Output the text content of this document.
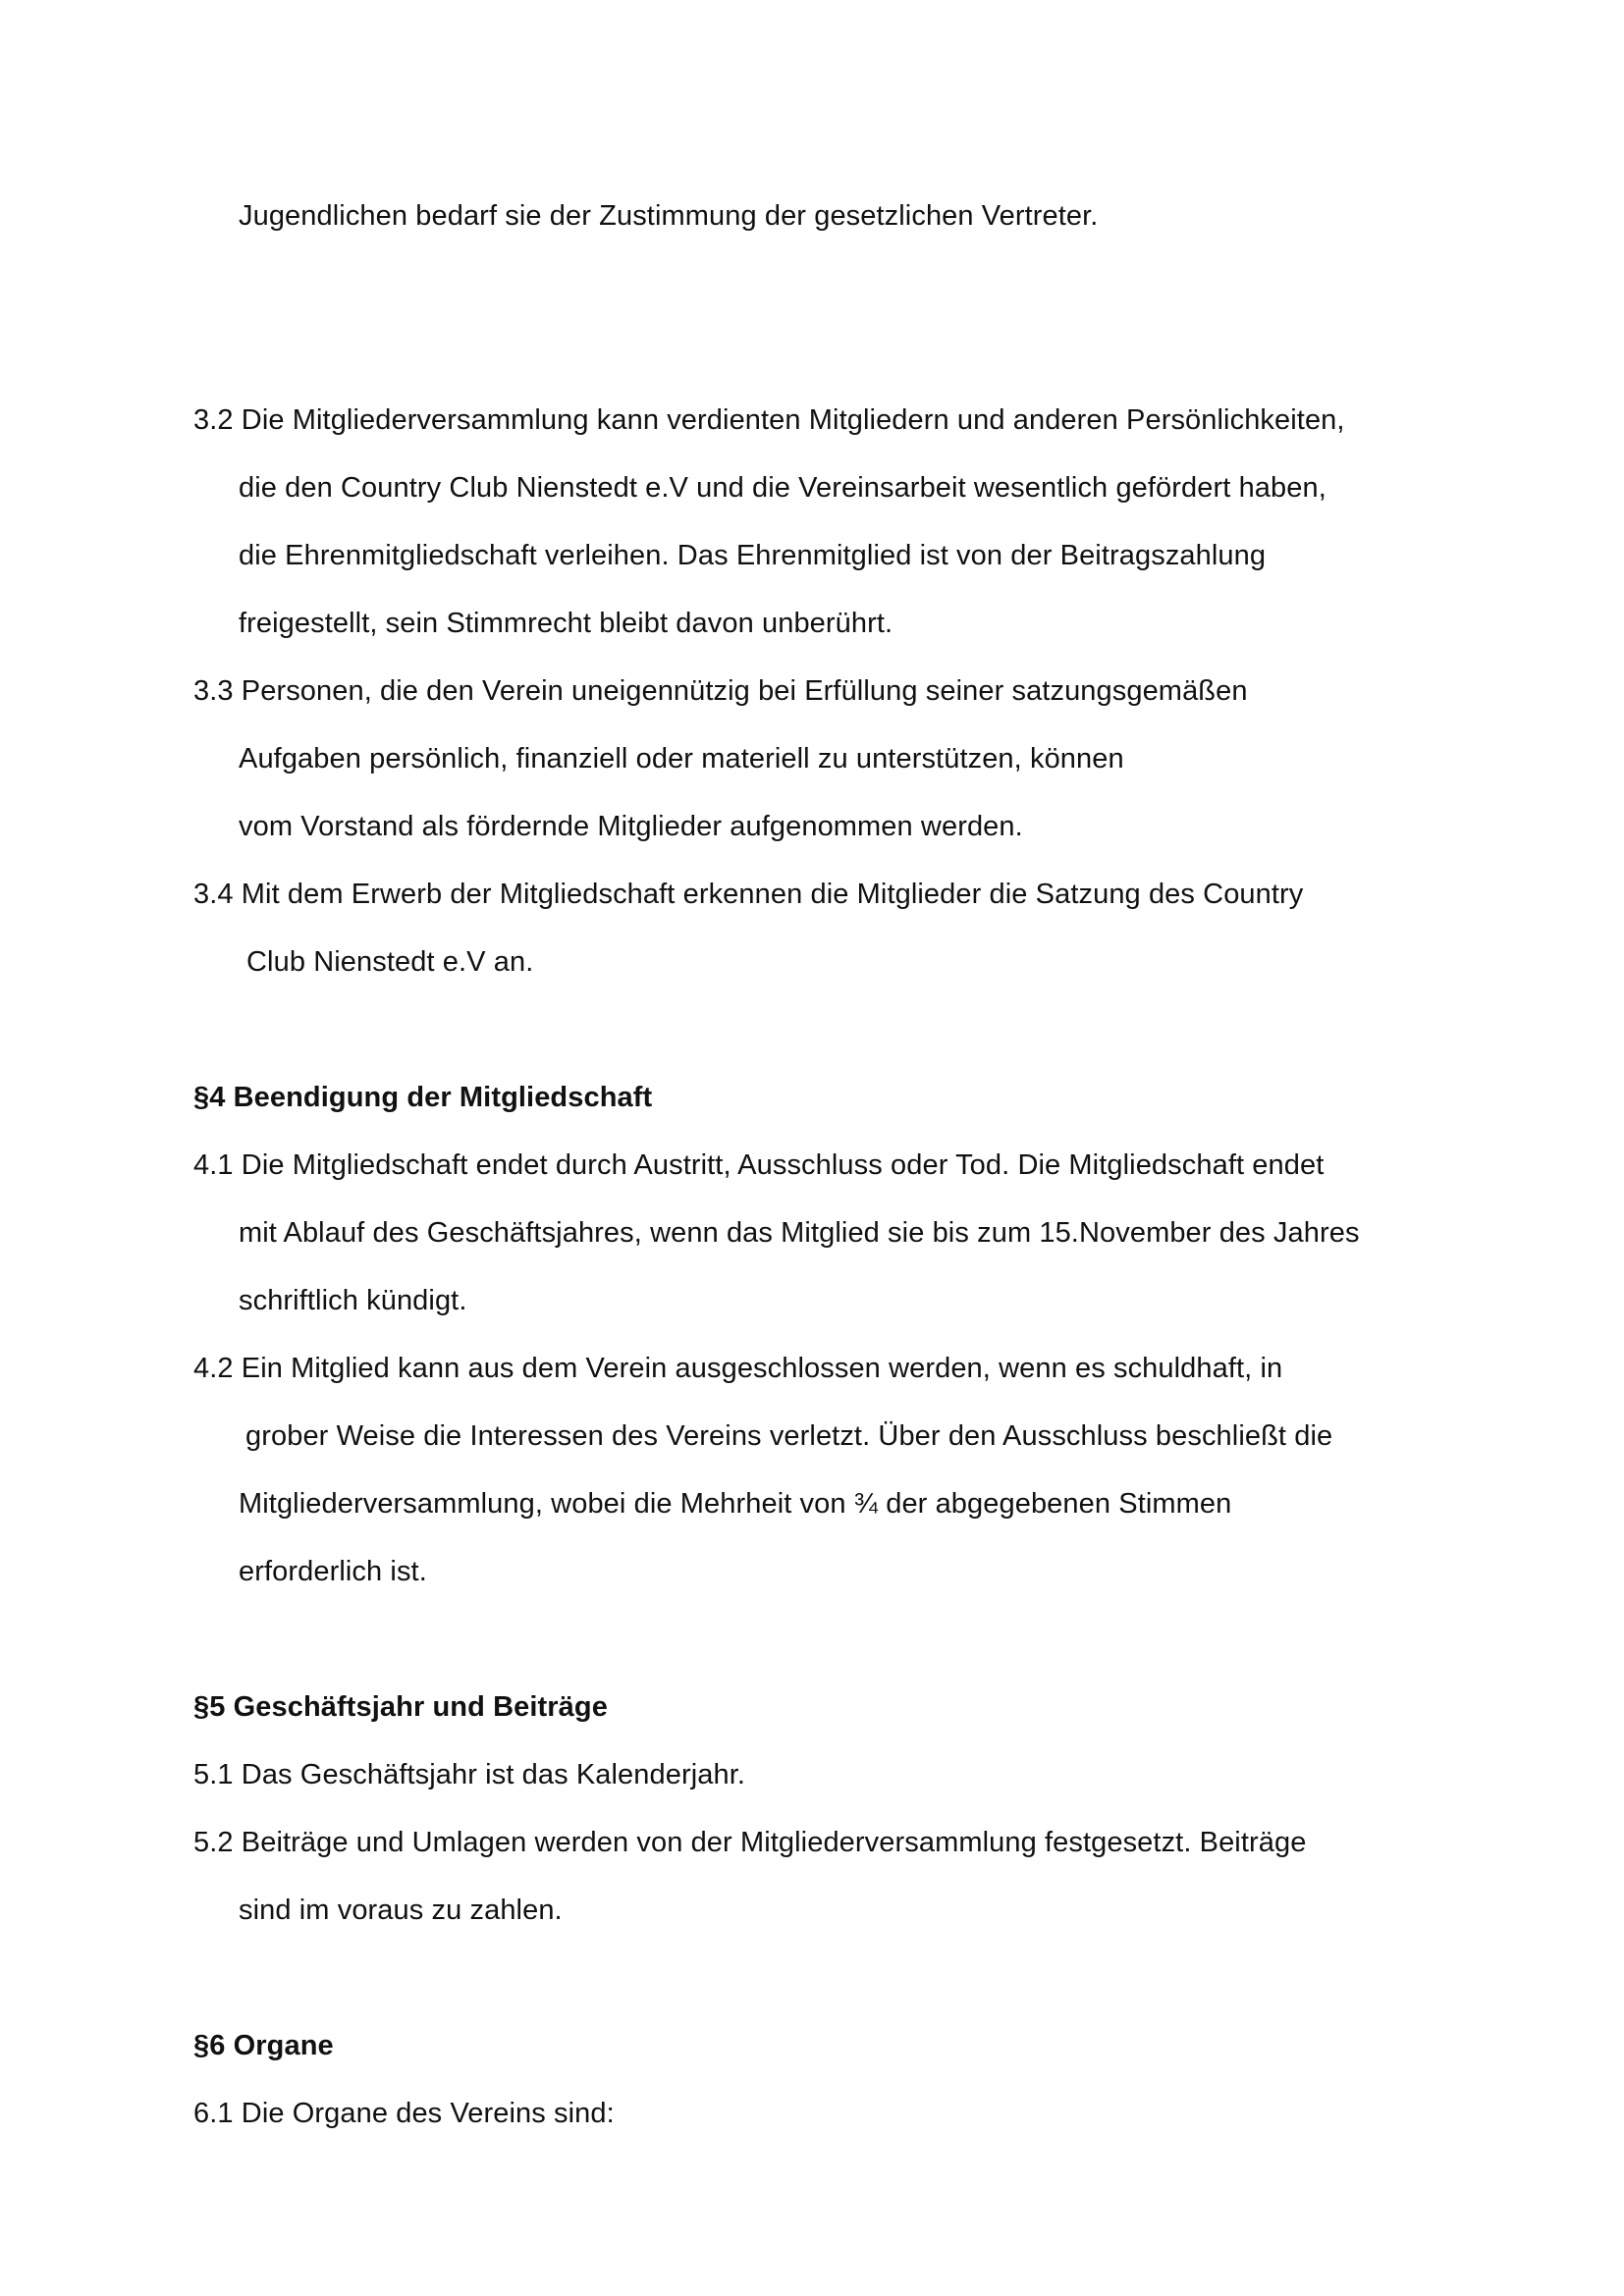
Jugendlichen bedarf sie der Zustimmung der gesetzlichen Vertreter.
3.2 Die Mitgliederversammlung kann verdienten Mitgliedern und anderen Persönlichkeiten,
die den Country Club Nienstedt e.V und die Vereinsarbeit wesentlich gefördert haben,
die Ehrenmitgliedschaft verleihen. Das Ehrenmitglied ist von der Beitragszahlung
freigestellt, sein Stimmrecht bleibt davon unberührt.
3.3 Personen, die den Verein uneigennützig bei Erfüllung seiner satzungsgemäßen
Aufgaben persönlich, finanziell oder materiell zu unterstützen, können
vom Vorstand als fördernde Mitglieder aufgenommen werden.
3.4 Mit dem Erwerb der Mitgliedschaft erkennen die Mitglieder die Satzung des Country
Club Nienstedt e.V an.
§4 Beendigung der Mitgliedschaft
4.1 Die Mitgliedschaft endet durch Austritt, Ausschluss oder Tod. Die Mitgliedschaft endet
mit Ablauf des Geschäftsjahres, wenn das Mitglied sie bis zum 15.November des Jahres
schriftlich kündigt.
4.2 Ein Mitglied kann aus dem Verein ausgeschlossen werden, wenn es schuldhaft, in
grober Weise die Interessen des Vereins verletzt. Über den Ausschluss beschließt die
Mitgliederversammlung, wobei die Mehrheit von ¾ der abgegebenen Stimmen
erforderlich ist.
§5 Geschäftsjahr und Beiträge
5.1 Das Geschäftsjahr ist das Kalenderjahr.
5.2 Beiträge und Umlagen werden von der Mitgliederversammlung festgesetzt. Beiträge
sind im voraus zu zahlen.
§6 Organe
6.1 Die Organe des Vereins sind:
